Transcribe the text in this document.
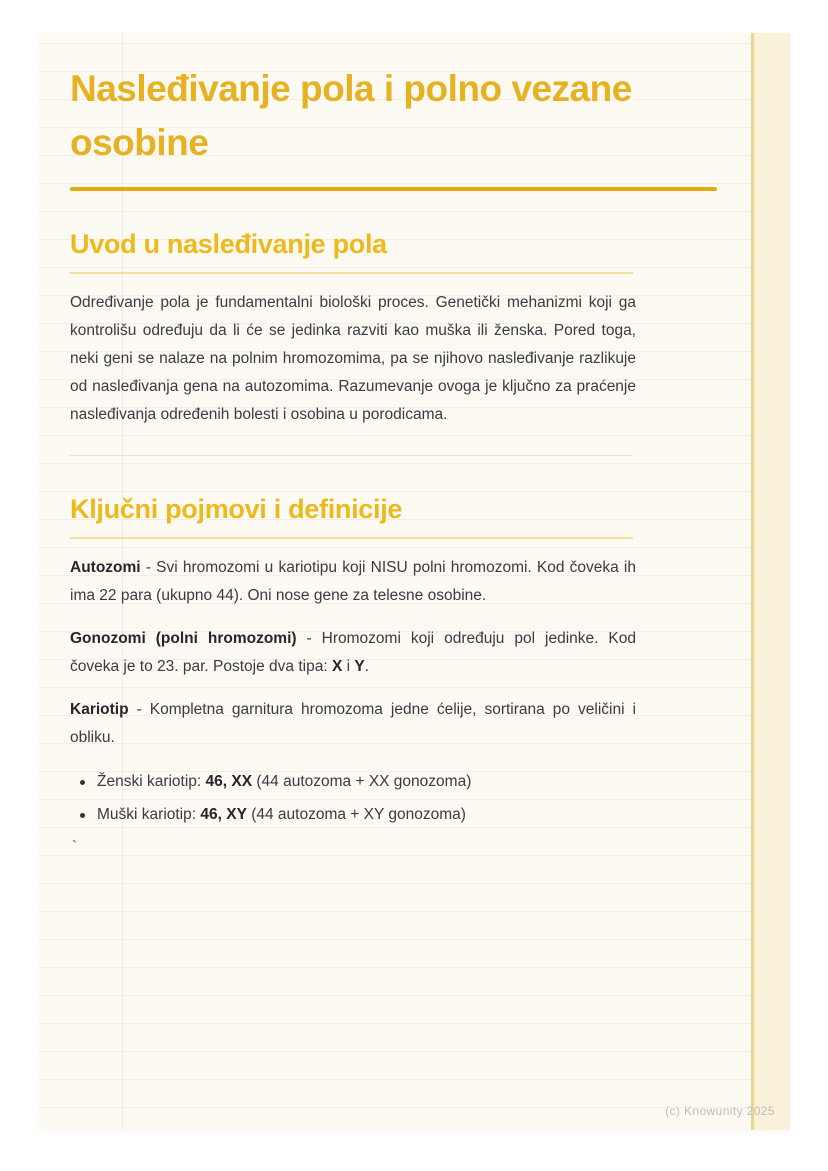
Nasleđivanje pola i polno vezane osobine
Uvod u nasleđivanje pola

Određivanje pola je fundamentalni biološki proces. Genetički mehanizmi koji ga kontrolišu određuju da li će se jedinka razviti kao muška ili ženska. Pored toga, neki geni se nalaze na polnim hromozomima, pa se njihovo nasleđivanje razlikuje od nasleđivanja gena na autozomima. Razumevanje ovoga je ključno za praćenje nasleđivanja određenih bolesti i osobina u porodicama.

Ključni pojmovi i definicije

Autozomi - Svi hromozomi u kariotipu koji NISU polni hromozomi. Kod čoveka ih ima 22 para (ukupno 44). Oni nose gene za telesne osobine.

Gonozomi (polni hromozomi) - Hromozomi koji određuju pol jedinke. Kod čoveka je to 23. par. Postoje dva tipa: X i Y.

Kariotip - Kompletna garnitura hromozoma jedne ćelije, sortirana po veličini i obliku.

Ženski kariotip: 46, XX (44 autozoma + XX gonozoma)
Muški kariotip: 46, XY (44 autozoma + XY gonozoma)

`

(c) Knowunity 2025
